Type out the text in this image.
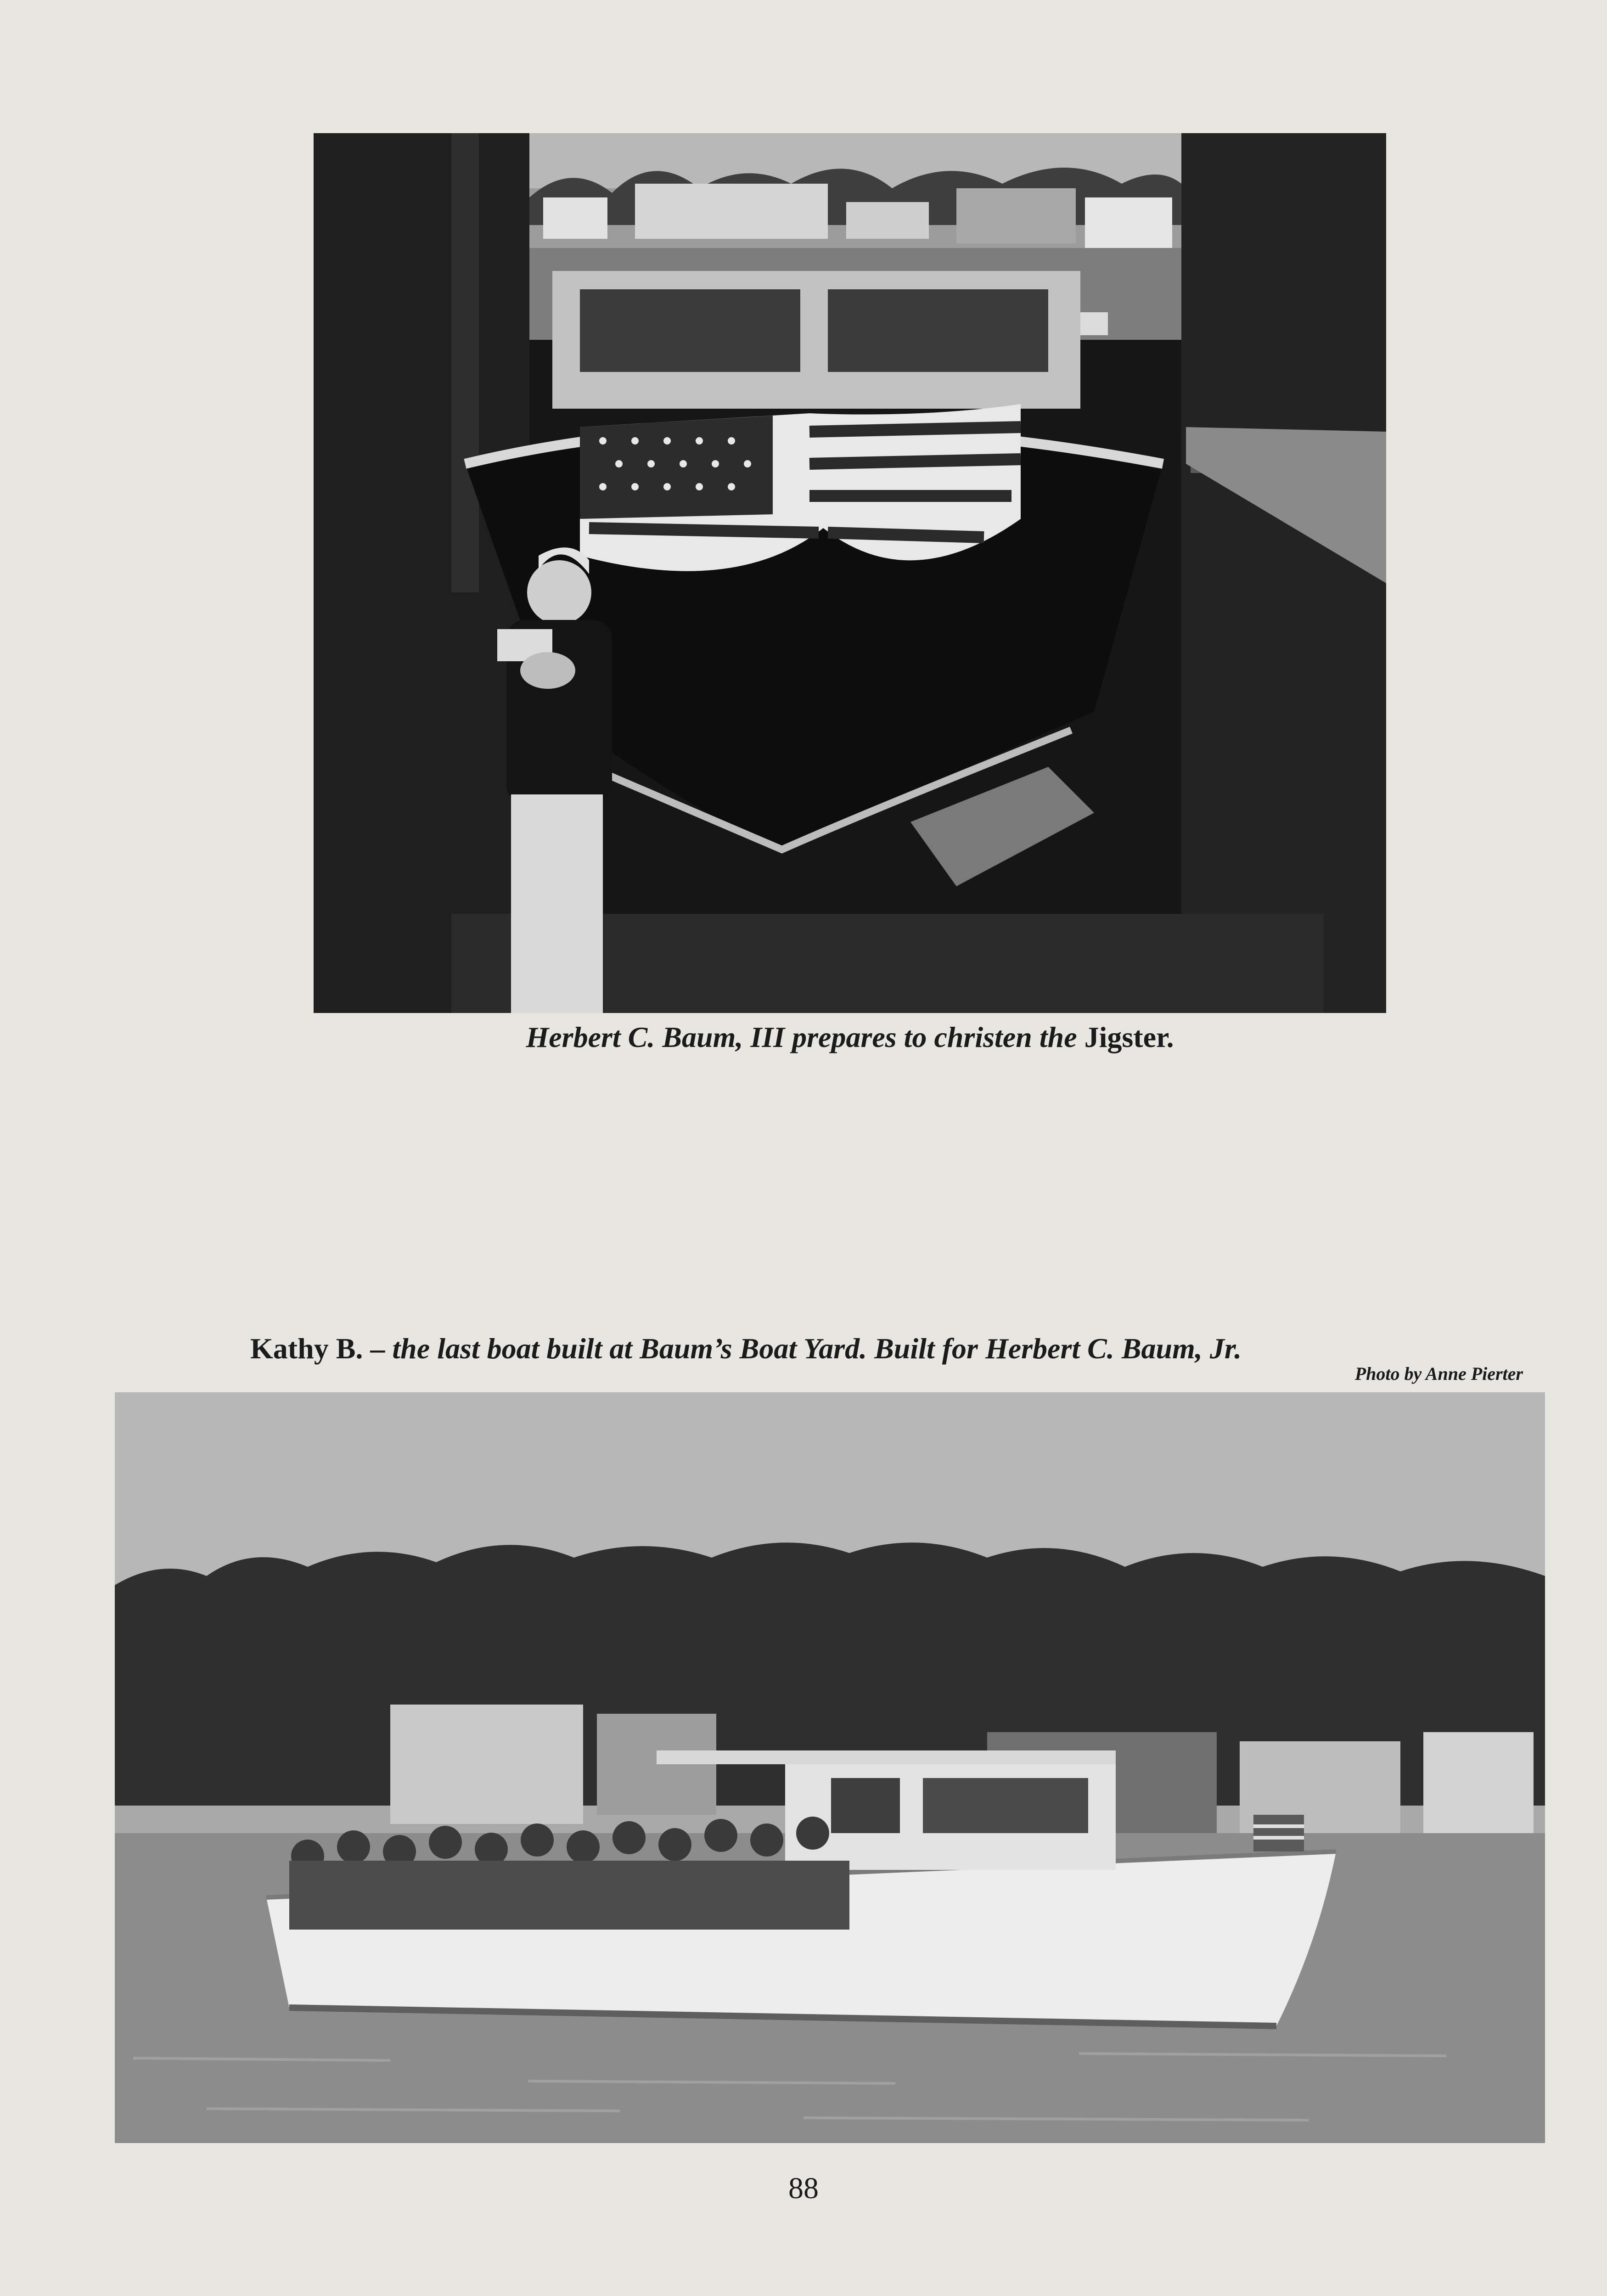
Herbert C. Baum, III prepares to christen the Jigster.
Kathy B. – the last boat built at Baum’s Boat Yard. Built for Herbert C. Baum, Jr.
Photo by Anne Pierter
88
